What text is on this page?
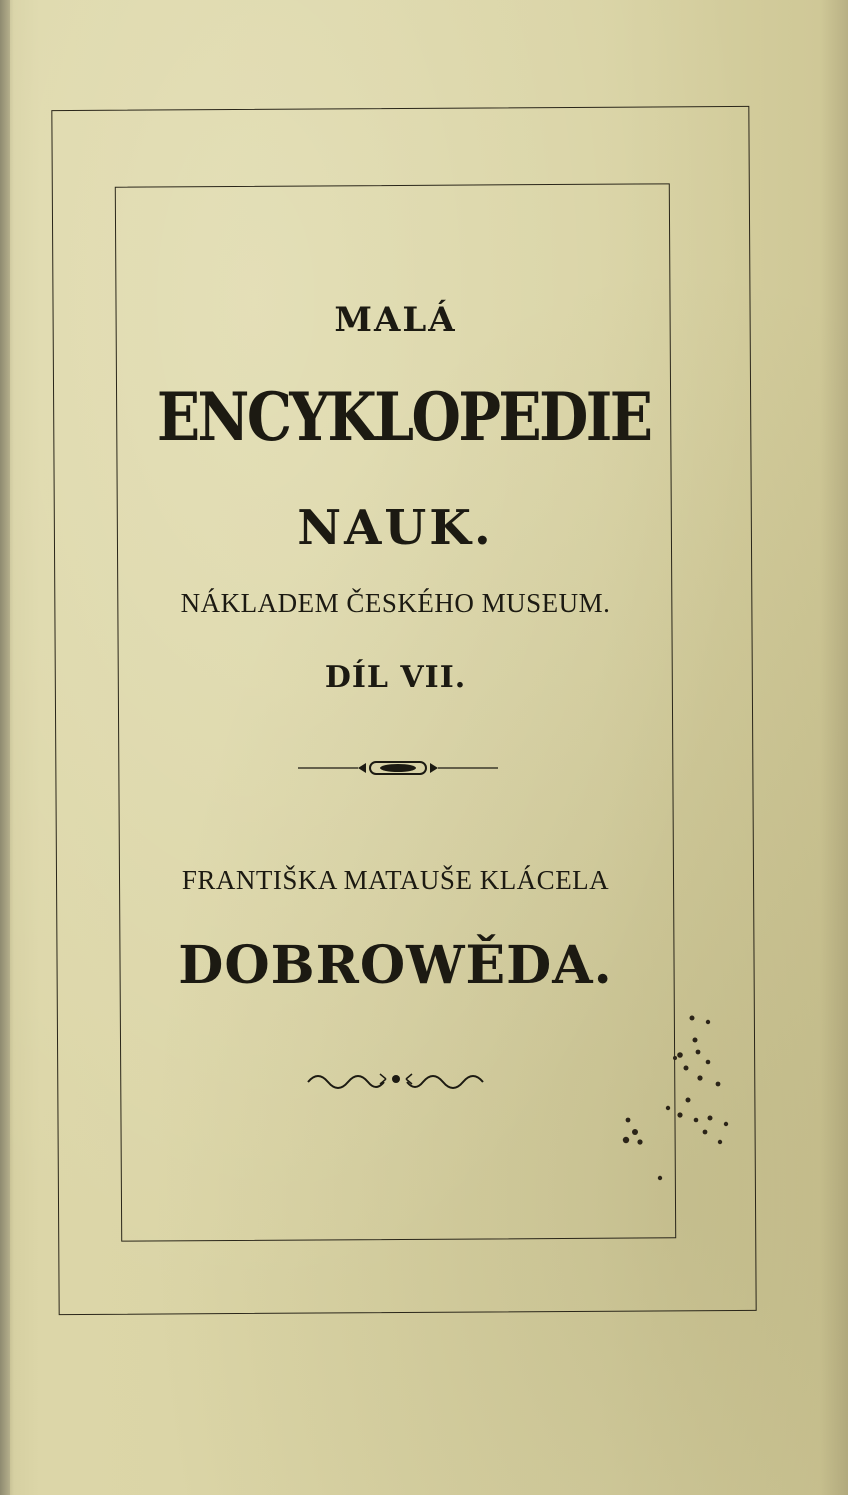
MALÁ
ENCYKLOPEDIE
NAUK.
NÁKLADEM ČESKÉHO MUSEUM.
DÍL VII.
FRANTIŠKA MATAUŠE KLÁCELA
DOBROWĚDA.
